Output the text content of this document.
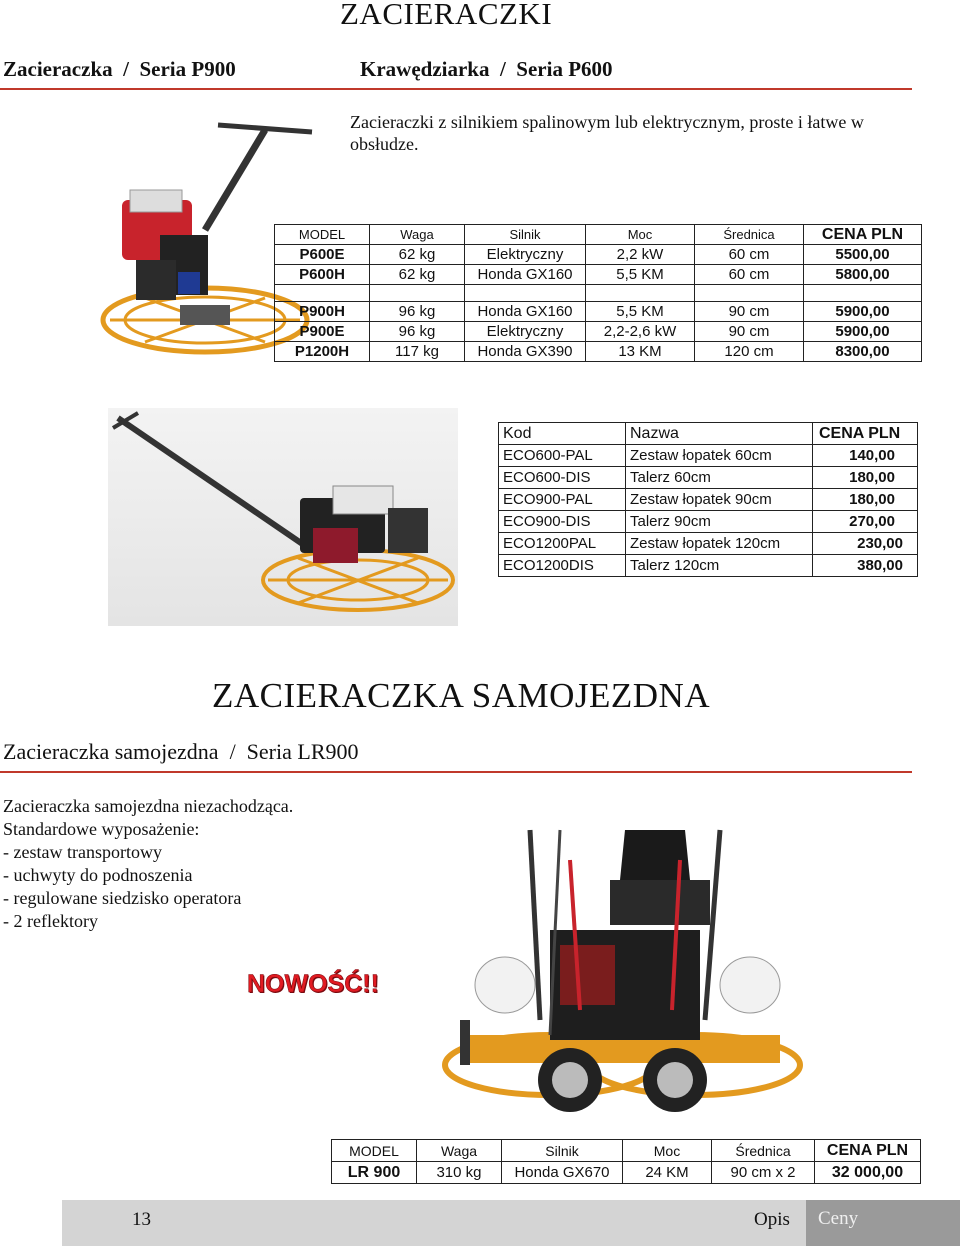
ZACIERACZKI
Zacieraczka  /  Seria P900	Krawędziarka  /  Seria P600
Zacieraczki z silnikiem spalinowym lub elektrycznym, proste i łatwe w obsłudze.
MODEL	Waga	Silnik	Moc	Średnica	CENA PLN
P600E	62 kg	Elektryczny	2,2 kW	60 cm	5500,00
P600H	62 kg	Honda GX160	5,5 KM	60 cm	5800,00

P900H	96 kg	Honda GX160	5,5 KM	90 cm	5900,00
P900E	96 kg	Elektryczny	2,2-2,6 kW	90 cm	5900,00
P1200H	117 kg	Honda GX390	13 KM	120 cm	8300,00
Kod	Nazwa	CENA PLN
ECO600-PAL	Zestaw łopatek 60cm	140,00
ECO600-DIS	Talerz 60cm	180,00
ECO900-PAL	Zestaw łopatek 90cm	180,00
ECO900-DIS	Talerz 90cm	270,00
ECO1200PAL	Zestaw łopatek 120cm	230,00
ECO1200DIS	Talerz 120cm	380,00
ZACIERACZKA SAMOJEZDNA
Zacieraczka samojezdna  /  Seria LR900
Zacieraczka samojezdna niezachodząca.
Standardowe wyposażenie:
- zestaw transportowy
- uchwyty do podnoszenia
- regulowane siedzisko operatora
- 2 reflektory
NOWOŚĆ!!
MODEL	Waga	Silnik	Moc	Średnica	CENA PLN
LR 900	310 kg	Honda GX670	24 KM	90 cm x 2	32 000,00
13	Opis Ceny
